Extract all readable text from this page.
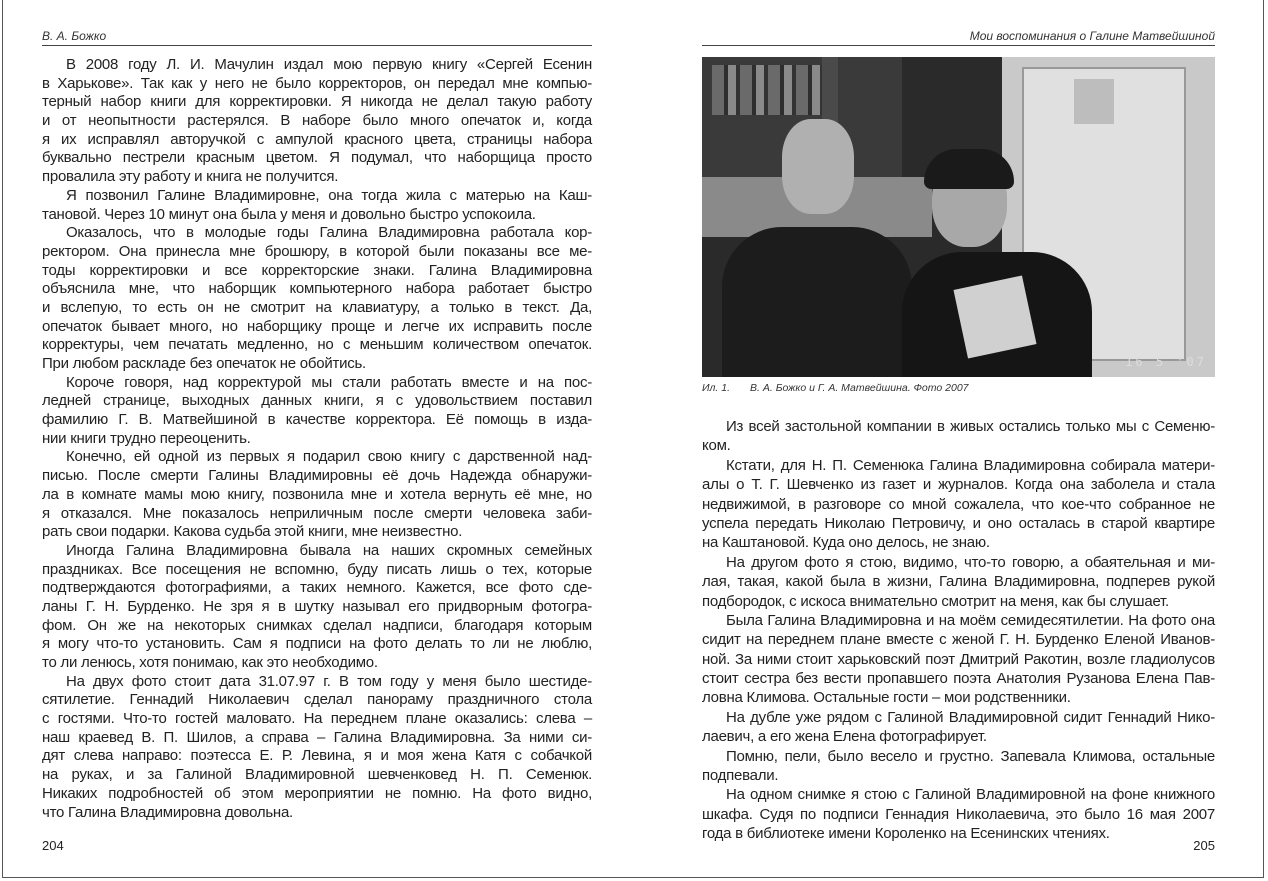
В. А. Божко
В 2008 году Л. И. Мачулин издал мою первую книгу «Сергей Есенин
в Харькове». Так как у него не было корректоров, он передал мне компью-
терный набор книги для корректировки. Я никогда не делал такую работу
и от неопытности растерялся. В наборе было много опечаток и, когда
я их исправлял авторучкой с ампулой красного цвета, страницы набора
буквально пестрели красным цветом. Я подумал, что наборщица просто
провалила эту работу и книга не получится.
Я позвонил Галине Владимировне, она тогда жила с матерью на Каш-
тановой. Через 10 минут она была у меня и довольно быстро успокоила.
Оказалось, что в молодые годы Галина Владимировна работала кор-
ректором. Она принесла мне брошюру, в которой были показаны все ме-
тоды корректировки и все корректорские знаки. Галина Владимировна
объяснила мне, что наборщик компьютерного набора работает быстро
и вслепую, то есть он не смотрит на клавиатуру, а только в текст. Да,
опечаток бывает много, но наборщику проще и легче их исправить после
корректуры, чем печатать медленно, но с меньшим количеством опечаток.
При любом раскладе без опечаток не обойтись.
Короче говоря, над корректурой мы стали работать вместе и на пос-
ледней странице, выходных данных книги, я с удовольствием поставил
фамилию Г. В. Матвейшиной в качестве корректора. Её помощь в изда-
нии книги трудно переоценить.
Конечно, ей одной из первых я подарил свою книгу с дарственной над-
писью. После смерти Галины Владимировны её дочь Надежда обнаружи-
ла в комнате мамы мою книгу, позвонила мне и хотела вернуть её мне, но
я отказался. Мне показалось неприличным после смерти человека заби-
рать свои подарки. Какова судьба этой книги, мне неизвестно.
Иногда Галина Владимировна бывала на наших скромных семейных
праздниках. Все посещения не вспомню, буду писать лишь о тех, которые
подтверждаются фотографиями, а таких немного. Кажется, все фото сде-
ланы Г. Н. Бурденко. Не зря я в шутку называл его придворным фотогра-
фом. Он же на некоторых снимках сделал надписи, благодаря которым
я могу что-то установить. Сам я подписи на фото делать то ли не люблю,
то ли ленюсь, хотя понимаю, как это необходимо.
На двух фото стоит дата 31.07.97 г. В том году у меня было шестиде-
сятилетие. Геннадий Николаевич сделал панораму праздничного стола
с гостями. Что-то гостей маловато. На переднем плане оказались: слева –
наш краевед В. П. Шилов, а справа – Галина Владимировна. За ними си-
дят слева направо: поэтесса Е. Р. Левина, я и моя жена Катя с собачкой
на руках, и за Галиной Владимировной шевченковед Н. П. Семенюк.
Никаких подробностей об этом мероприятии не помню. На фото видно,
что Галина Владимировна довольна.
204
Мои воспоминания о Галине Матвейшиной
16 5 '07
Ил. 1. В. А. Божко и Г. А. Матвейшина. Фото 2007
Из всей застольной компании в живых остались только мы с Семеню-
ком.
Кстати, для Н. П. Семенюка Галина Владимировна собирала матери-
алы о Т. Г. Шевченко из газет и журналов. Когда она заболела и стала
недвижимой, в разговоре со мной сожалела, что кое-что собранное не
успела передать Николаю Петровичу, и оно осталась в старой квартире
на Каштановой. Куда оно делось, не знаю.
На другом фото я стою, видимо, что-то говорю, а обаятельная и ми-
лая, такая, какой была в жизни, Галина Владимировна, подперев рукой
подбородок, с искоса внимательно смотрит на меня, как бы слушает.
Была Галина Владимировна и на моём семидесятилетии. На фото она
сидит на переднем плане вместе с женой Г. Н. Бурденко Еленой Иванов-
ной. За ними стоит харьковский поэт Дмитрий Ракотин, возле гладиолусов
стоит сестра без вести пропавшего поэта Анатолия Рузанова Елена Пав-
ловна Климова. Остальные гости – мои родственники.
На дубле уже рядом с Галиной Владимировной сидит Геннадий Нико-
лаевич, а его жена Елена фотографирует.
Помню, пели, было весело и грустно. Запевала Климова, остальные
подпевали.
На одном снимке я стою с Галиной Владимировной на фоне книжного
шкафа. Судя по подписи Геннадия Николаевича, это было 16 мая 2007
года в библиотеке имени Короленко на Есенинских чтениях.
205
